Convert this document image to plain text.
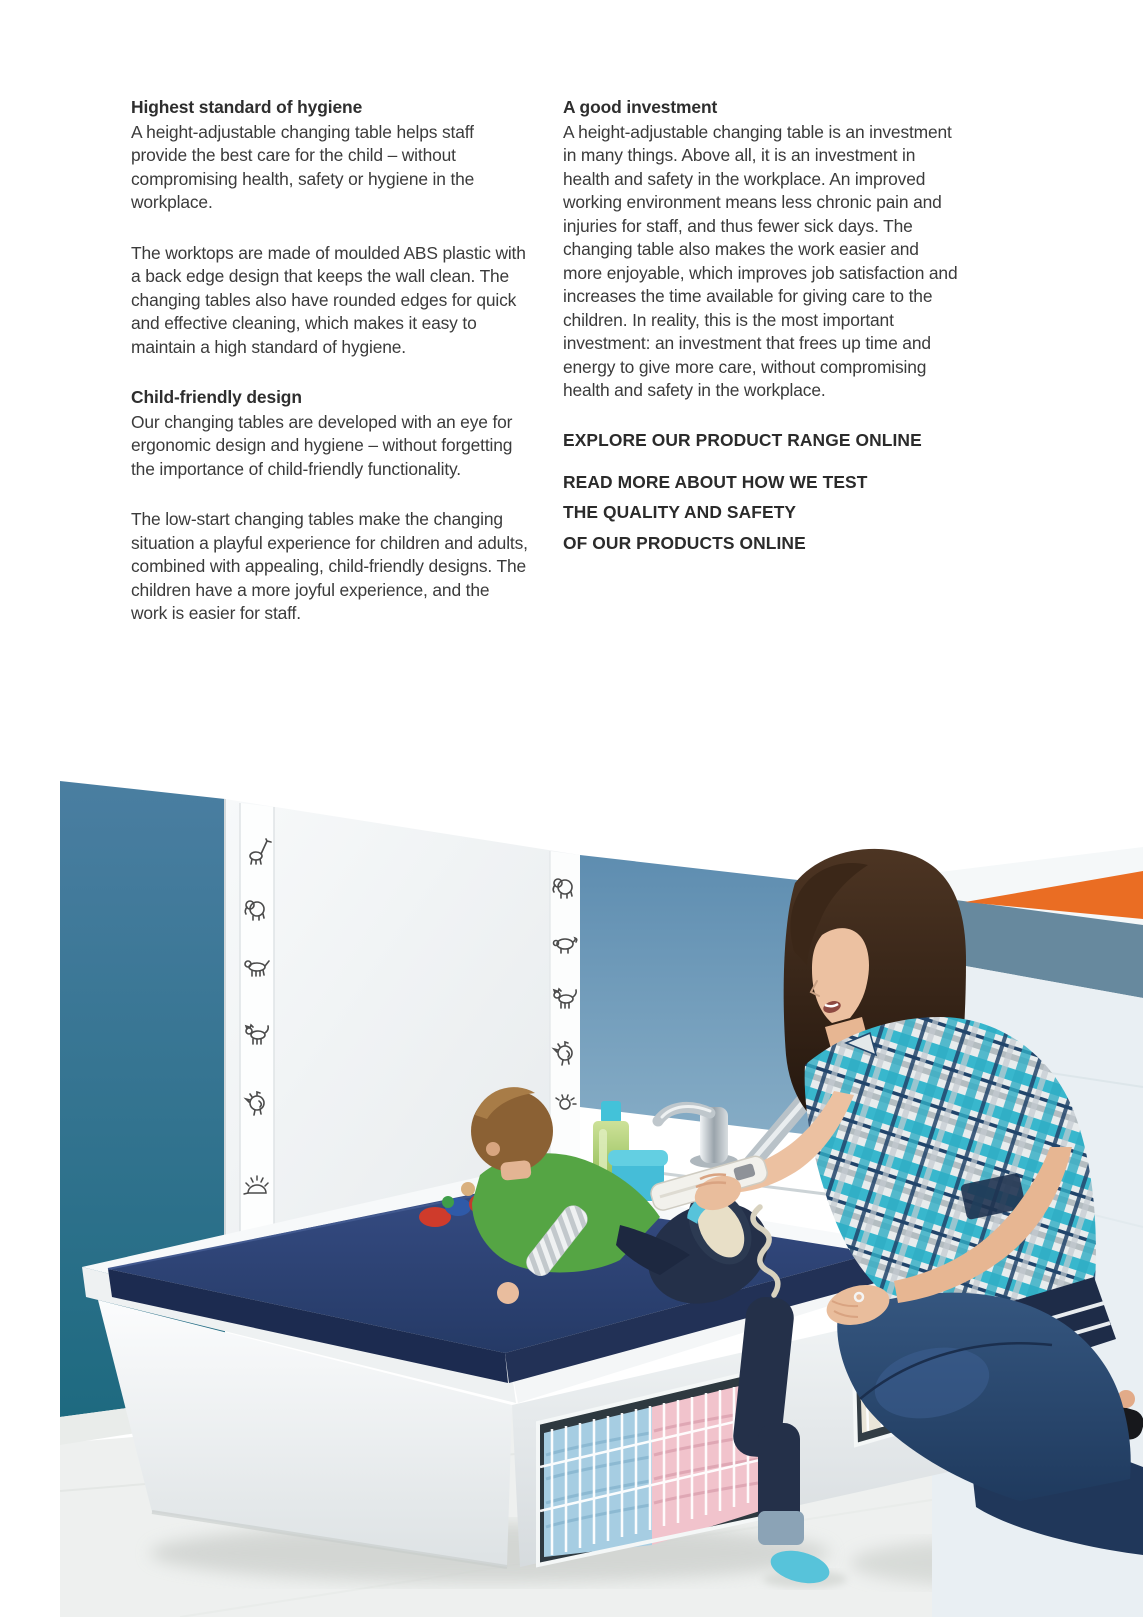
Highest standard of hygiene

A height-adjustable changing table helps staff provide the best care for the child – without compromising health, safety or hygiene in the workplace.

The worktops are made of moulded ABS plastic with a back edge design that keeps the wall clean. The changing tables also have rounded edges for quick and effective cleaning, which makes it easy to maintain a high standard of hygiene.

Child-friendly design

Our changing tables are developed with an eye for ergonomic design and hygiene – without forgetting the importance of child-friendly functionality.

The low-start changing tables make the changing situation a playful experience for children and adults, combined with appealing, child-friendly designs. The children have a more joyful experience, and the work is easier for staff.

A good investment

A height-adjustable changing table is an investment in many things. Above all, it is an investment in health and safety in the workplace. An improved working environment means less chronic pain and injuries for staff, and thus fewer sick days. The changing table also makes the work easier and more enjoyable, which improves job satisfaction and increases the time available for giving care to the children. In reality, this is the most important investment: an investment that frees up time and energy to give more care, without compromising health and safety in the workplace.

EXPLORE OUR PRODUCT RANGE ONLINE
READ MORE ABOUT HOW WE TEST
THE QUALITY AND SAFETY
OF OUR PRODUCTS ONLINE
